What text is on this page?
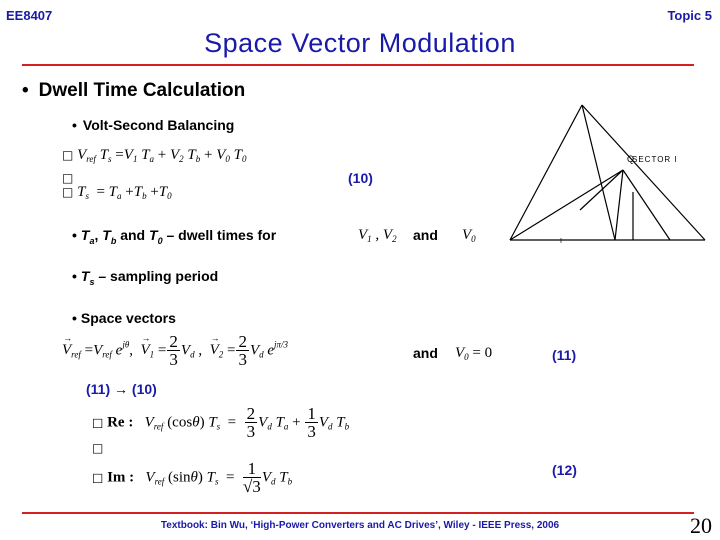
EE8407	Topic 5
Space Vector Modulation
• Dwell Time Calculation
• Volt-Second Balancing
□ $V_{ref}$ $T_s =V_1$ $T_a + V_2$ $T_b + V_0$ $T_0$
□
□ $T_s = T_a +T_b +T_0$
(10)
• $T_a$, $T_b$ and $T_0$ – dwell times for	$V_1$ , $V_2$ and $V_0$
• $T_s$ – sampling period
• Space vectors
→ $V_{ref} =V_{ref}$ $e^{j\theta}$, → $V_1 = \frac{2}{3} V_d$ , → $V_2 = \frac{2}{3} V_d$ $e^{j\pi/3}$
and $V_0 = 0$	(11)
(11) → (10)
□ Re :   $V_{ref}$ (cosθ) $T_s = \frac{2}{3} V_d$ $T_a + \frac{1}{3} V_d$ $T_b$
□
□ Im :   $V_{ref}$ (sinθ) $T_s = \frac{1}{√3} V_d$ $T_b$
(12)
I
Q
SECTOR I
Textbook: Bin Wu, ‘High-Power Converters and AC Drives’, Wiley - IEEE Press, 2006	20
